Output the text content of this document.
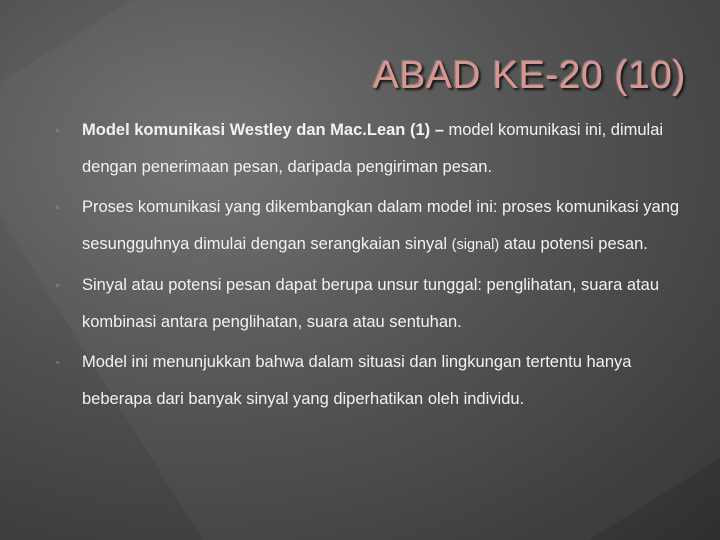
ABAD KE-20 (10)
▫	Model komunikasi Westley dan Mac.Lean (1) – model komunikasi ini, dimulai dengan penerimaan pesan, daripada pengiriman pesan.
▫	Proses komunikasi yang dikembangkan dalam model ini: proses komunikasi yang sesungguhnya dimulai dengan serangkaian sinyal (signal) atau potensi pesan.
▫	Sinyal atau potensi pesan dapat berupa unsur tunggal: penglihatan, suara atau kombinasi antara penglihatan, suara atau sentuhan.
▫	Model ini menunjukkan bahwa dalam situasi dan lingkungan tertentu hanya beberapa dari banyak sinyal yang diperhatikan oleh individu.
